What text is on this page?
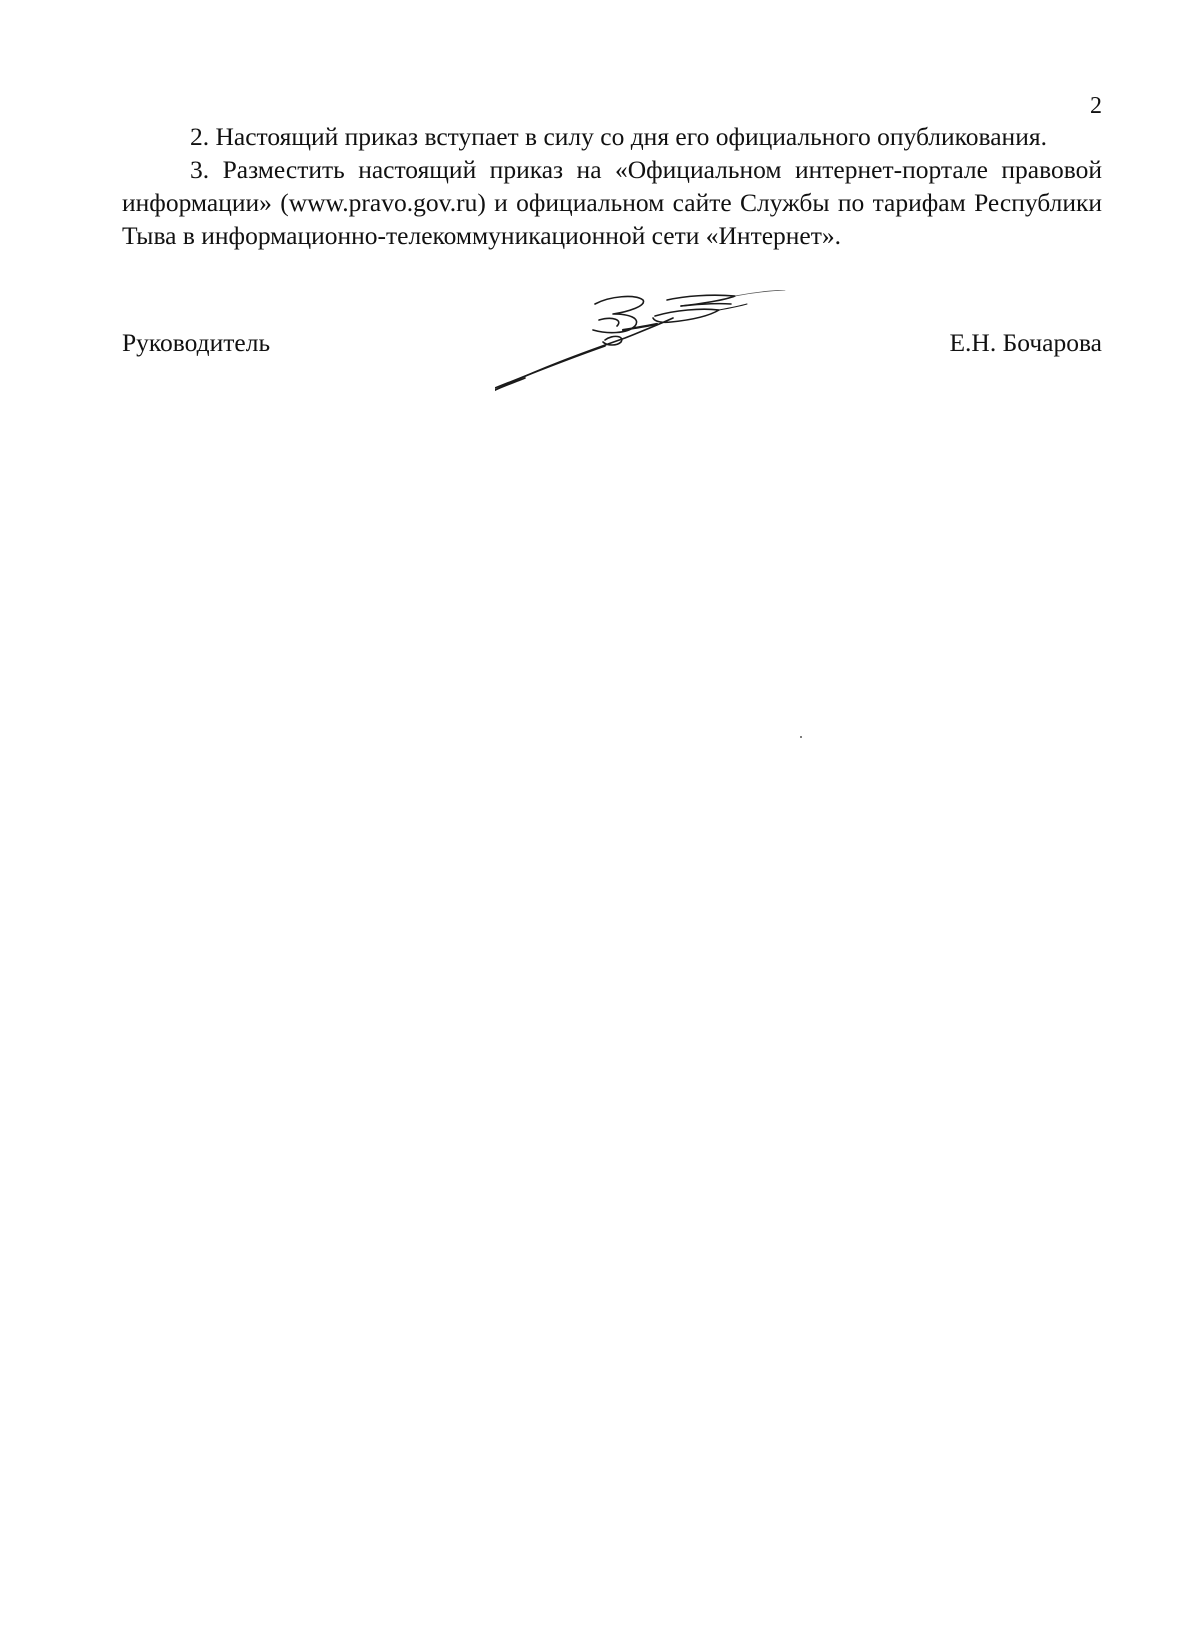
2

2. Настоящий приказ вступает в силу со дня его официального опубликования.

3. Разместить настоящий приказ на «Официальном интернет-портале правовой информации» (www.pravo.gov.ru) и официальном сайте Службы по тарифам Республики Тыва в информационно-телекоммуникационной сети «Интернет».

Руководитель	Е.Н. Бочарова
